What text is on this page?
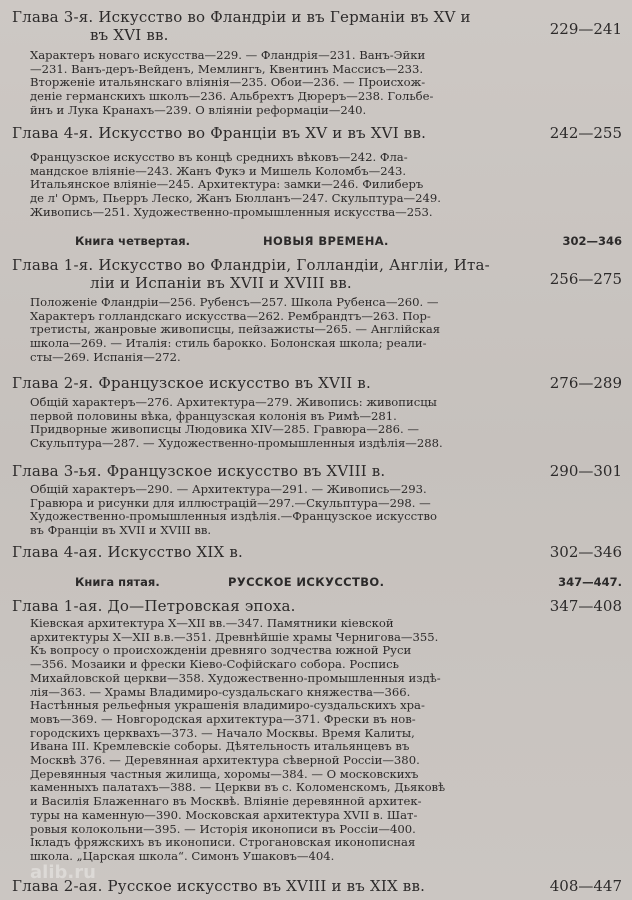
Глава 3-я. Искусство во Фландріи и въ Германіи въ XV и
въ XVI вв.	229—241
Характеръ новаго искусства—229. — Фландрія—231. Ванъ-Эйки
—231. Ванъ-деръ-Вейденъ, Мемлингъ, Квентинъ Массисъ—233.
Вторженіе итальянскаго вліянія—235. Обои—236. — Происхож-
деніе германскихъ школъ—236. Альбрехтъ Дюреръ—238. Гольбе-
йнъ и Лука Кранахъ—239. О вліяніи реформаціи—240.
Глава 4-я. Искусство во Франціи въ XV и въ XVI вв.	242—255
Французское искусство въ концѣ среднихъ вѣковъ—242. Фла-
мандское вліяніе—243. Жанъ Фукэ и Мишель Коломбъ—243.
Итальянское вліяніе—245. Архитектура: замки—246. Филиберъ
де л' Ормъ, Пьерръ Леско, Жанъ Бюлланъ—247. Скульптура—249.
Живопись—251. Художественно-промышленныя искусства—253.
Книга четвертая.	НОВЫЯ ВРЕМЕНА.	302—346
Глава 1-я. Искусство во Фландріи, Голландіи, Англіи, Ита-
ліи и Испаніи въ XVII и XVIII вв.	256—275
Положеніе Фландріи—256. Рубенсъ—257. Школа Рубенса—260. —
Характеръ голландскаго искусства—262. Рембрандтъ—263. Пор-
третисты, жанровые живописцы, пейзажисты—265. — Англійская
школа—269. — Италія: стиль барокко. Болонская школа; реали-
сты—269. Испанія—272.
Глава 2-я. Французское искусство въ XVII в.	276—289
Общій характеръ—276. Архитектура—279. Живопись: живописцы
первой половины вѣка, французская колонія въ Римѣ—281.
Придворные живописцы Людовика XIV—285. Гравюра—286. —
Скульптура—287. — Художественно-промышленныя издѣлія—288.
Глава 3-ья. Французское искусство въ XVIII в.	290—301
Общій характеръ—290. — Архитектура—291. — Живопись—293.
Гравюра и рисунки для иллюстрацій—297.—Скульптура—298. —
Художественно-промышленныя издѣлія.—Французское искусство
въ Франціи въ XVII и XVIII вв.
Глава 4-ая. Искусство XIX в.	302—346
Книга пятая.	РУССКОЕ ИСКУССТВО.	347—447.
Глава 1-ая. До—Петровская эпоха.	347—408
Кіевская архитектура X—XII вв.—347. Памятники кіевской
архитектуры X—XII в.в.—351. Древнѣйшіе храмы Чернигова—355.
Къ вопросу о происхожденіи древняго зодчества южной Руси
—356. Мозаики и фрески Кіево-Софійскаго собора. Роспись
Михайловской церкви—358. Художественно-промышленныя издѣ-
лія—363. — Храмы Владимиро-суздальскаго княжества—366.
Настѣнныя рельефныя украшенія владимиро-суздальскихъ хра-
мовъ—369. — Новгородская архитектура—371. Фрески въ нов-
городскихъ церквахъ—373. — Начало Москвы. Время Калиты,
Ивана III. Кремлевскіе соборы. Дѣятельность итальянцевъ въ
Москвѣ 376. — Деревянная архитектура сѣверной Россіи—380.
Деревянныя частныя жилища, хоромы—384. — О московскихъ
каменныхъ палатахъ—388. — Церкви въ с. Коломенскомъ, Дьяковѣ
и Василія Блаженнаго въ Москвѣ. Вліяніе деревянной архитек-
туры на каменную—390. Московская архитектура XVII в. Шат-
ровыя колокольни—395. — Исторія иконописи въ Россіи—400.
Ікладъ фряжскихъ въ иконописи. Строгановская иконописная
школа. „Царская школа“. Симонъ Ушаковъ—404.
Глава 2-ая. Русское искусство въ XVIII и въ XIX вв.	408—447
alib.ru
